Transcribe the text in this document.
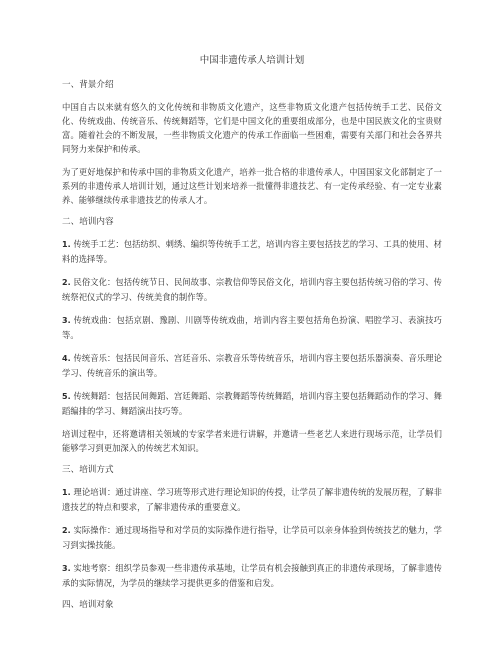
中国非遗传承人培训计划
一、背景介绍

中国自古以来就有悠久的文化传统和非物质文化遗产，这些非物质文化遗产包括传统手工艺、民俗文化、传统戏曲、传统音乐、传统舞蹈等，它们是中国文化的重要组成部分，也是中国民族文化的宝贵财富。随着社会的不断发展，一些非物质文化遗产的传承工作面临一些困难，需要有关部门和社会各界共同努力来保护和传承。

为了更好地保护和传承中国的非物质文化遗产，培养一批合格的非遗传承人，中国国家文化部制定了一系列的非遗传承人培训计划，通过这些计划来培养一批懂得非遗技艺、有一定传承经验、有一定专业素养、能够继续传承非遗技艺的传承人才。

二、培训内容

1. 传统手工艺：包括纺织、刺绣、编织等传统手工艺，培训内容主要包括技艺的学习、工具的使用、材料的选择等。

2. 民俗文化：包括传统节日、民间故事、宗教信仰等民俗文化，培训内容主要包括传统习俗的学习、传统祭祀仪式的学习、传统美食的制作等。

3. 传统戏曲：包括京剧、豫剧、川剧等传统戏曲，培训内容主要包括角色扮演、唱腔学习、表演技巧等。

4. 传统音乐：包括民间音乐、宫廷音乐、宗教音乐等传统音乐，培训内容主要包括乐器演奏、音乐理论学习、传统音乐的演出等。

5. 传统舞蹈：包括民间舞蹈、宫廷舞蹈、宗教舞蹈等传统舞蹈，培训内容主要包括舞蹈动作的学习、舞蹈编排的学习、舞蹈演出技巧等。

培训过程中，还将邀请相关领域的专家学者来进行讲解，并邀请一些老艺人来进行现场示范，让学员们能够学习到更加深入的传统艺术知识。

三、培训方式

1. 理论培训：通过讲座、学习班等形式进行理论知识的传授，让学员了解非遗传统的发展历程，了解非遗技艺的特点和要求，了解非遗传承的重要意义。

2. 实际操作：通过现场指导和对学员的实际操作进行指导，让学员可以亲身体验到传统技艺的魅力，学习到实操技能。

3. 实地考察：组织学员参观一些非遗传承基地，让学员有机会接触到真正的非遗传承现场，了解非遗传承的实际情况，为学员的继续学习提供更多的借鉴和启发。

四、培训对象
